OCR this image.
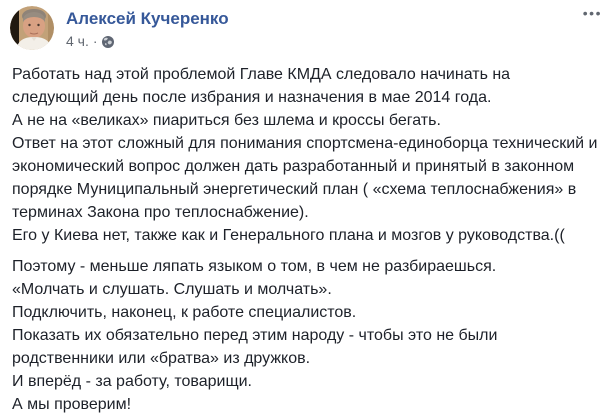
Алексей Кучеренко
4 ч. ·
•••

Работать над этой проблемой Главе КМДА следовало начинать на следующий день после избрания и назначения в мае 2014 года.
А не на «великах» пиариться без шлема и кроссы бегать.
Ответ на этот сложный для понимания спортсмена-единоборца технический и экономический вопрос должен дать разработанный и принятый в законном порядке Муниципальный энергетический план ( «схема теплоснабжения» в терминах Закона про теплоснабжение).
Его у Киева нет, также как и Генерального плана и мозгов у руководства.((

Поэтому - меньше ляпать языком о том, в чем не разбираешься.
«Молчать и слушать. Слушать и молчать».
Подключить, наконец, к работе специалистов.
Показать их обязательно перед этим народу - чтобы это не были родственники или «братва» из дружков.
И вперёд - за работу, товарищи.
А мы проверим!
